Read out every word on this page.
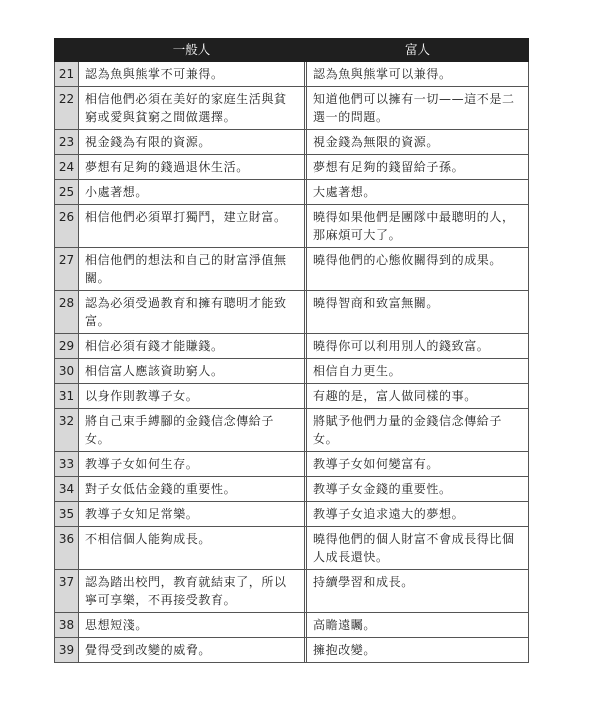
	一般人		富人
21	認為魚與熊掌不可兼得。		認為魚與熊掌可以兼得。
22	相信他們必須在美好的家庭生活與貧窮或愛與貧窮之間做選擇。		知道他們可以擁有一切——這不是二選一的問題。
23	視金錢為有限的資源。		視金錢為無限的資源。
24	夢想有足夠的錢過退休生活。		夢想有足夠的錢留給子孫。
25	小處著想。		大處著想。
26	相信他們必須單打獨鬥，建立財富。		曉得如果他們是團隊中最聰明的人，那麻煩可大了。
27	相信他們的想法和自己的財富淨值無關。		曉得他們的心態攸關得到的成果。
28	認為必須受過教育和擁有聰明才能致富。		曉得智商和致富無關。
29	相信必須有錢才能賺錢。		曉得你可以利用別人的錢致富。
30	相信富人應該資助窮人。		相信自力更生。
31	以身作則教導子女。		有趣的是，富人做同樣的事。
32	將自己束手縛腳的金錢信念傳給子女。		將賦予他們力量的金錢信念傳給子女。
33	教導子女如何生存。		教導子女如何變富有。
34	對子女低估金錢的重要性。		教導子女金錢的重要性。
35	教導子女知足常樂。		教導子女追求遠大的夢想。
36	不相信個人能夠成長。		曉得他們的個人財富不會成長得比個人成長還快。
37	認為踏出校門，教育就結束了，所以寧可享樂，不再接受教育。		持續學習和成長。
38	思想短淺。		高瞻遠矚。
39	覺得受到改變的威脅。		擁抱改變。
